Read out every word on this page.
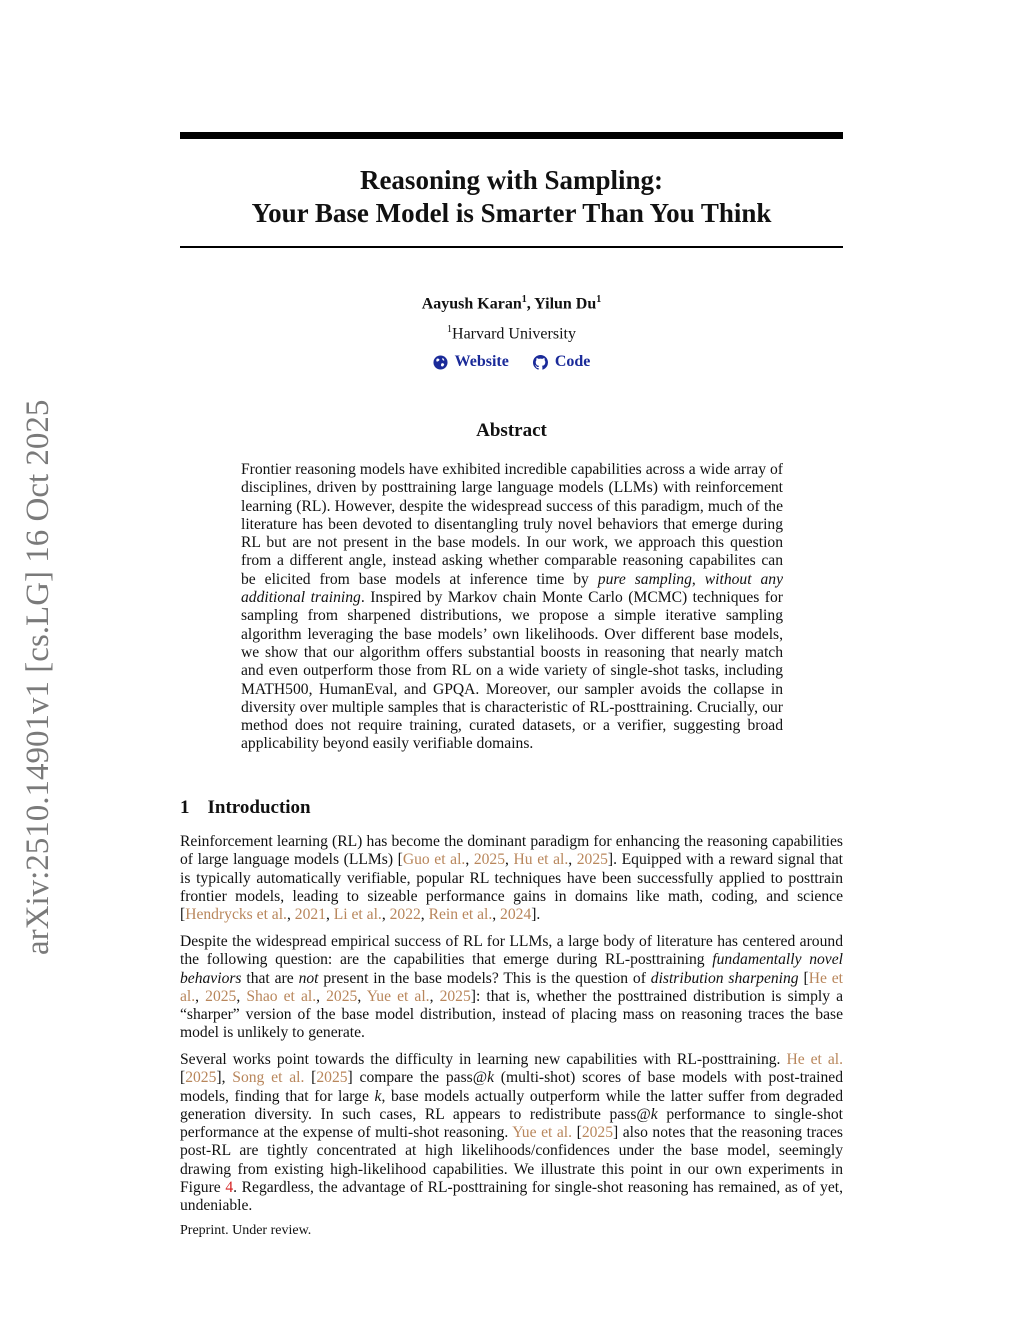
arXiv:2510.14901v1 [cs.LG] 16 Oct 2025
Reasoning with Sampling:
Your Base Model is Smarter Than You Think
Aayush Karan$^1$, Yilun Du$^1$
$^1$Harvard University
Website
	Code
Abstract
Frontier reasoning models have exhibited incredible capabilities across a wide array of disciplines, driven by posttraining large language models (LLMs) with reinforcement learning (RL). However, despite the widespread success of this paradigm, much of the literature has been devoted to disentangling truly novel behaviors that emerge during RL but are not present in the base models. In our work, we approach this question from a different angle, instead asking whether comparable reasoning capabilites can be elicited from base models at inference time by pure sampling, without any additional training. Inspired by Markov chain Monte Carlo (MCMC) techniques for sampling from sharpened distributions, we propose a simple iterative sampling algorithm leveraging the base models’ own likelihoods. Over different base models, we show that our algorithm offers substantial boosts in reasoning that nearly match and even outperform those from RL on a wide variety of single-shot tasks, including MATH500, HumanEval, and GPQA. Moreover, our sampler avoids the collapse in diversity over multiple samples that is characteristic of RL-posttraining. Crucially, our method does not require training, curated datasets, or a verifier, suggesting broad applicability beyond easily verifiable domains.
1 Introduction
Reinforcement learning (RL) has become the dominant paradigm for enhancing the reasoning capabilities of large language models (LLMs) [Guo et al., 2025, Hu et al., 2025]. Equipped with a reward signal that is typically automatically verifiable, popular RL techniques have been successfully applied to posttrain frontier models, leading to sizeable performance gains in domains like math, coding, and science [Hendrycks et al., 2021, Li et al., 2022, Rein et al., 2024].
Despite the widespread empirical success of RL for LLMs, a large body of literature has centered around the following question: are the capabilities that emerge during RL-posttraining fundamentally novel behaviors that are not present in the base models? This is the question of distribution sharpening [He et al., 2025, Shao et al., 2025, Yue et al., 2025]: that is, whether the posttrained distribution is simply a “sharper” version of the base model distribution, instead of placing mass on reasoning traces the base model is unlikely to generate.
Several works point towards the difficulty in learning new capabilities with RL-posttraining. He et al. [2025], Song et al. [2025] compare the pass@k (multi-shot) scores of base models with post-trained models, finding that for large k, base models actually outperform while the latter suffer from degraded generation diversity. In such cases, RL appears to redistribute pass@k performance to single-shot performance at the expense of multi-shot reasoning. Yue et al. [2025] also notes that the reasoning traces post-RL are tightly concentrated at high likelihoods/confidences under the base model, seemingly drawing from existing high-likelihood capabilities. We illustrate this point in our own experiments in Figure 4. Regardless, the advantage of RL-posttraining for single-shot reasoning has remained, as of yet, undeniable.
Preprint. Under review.
